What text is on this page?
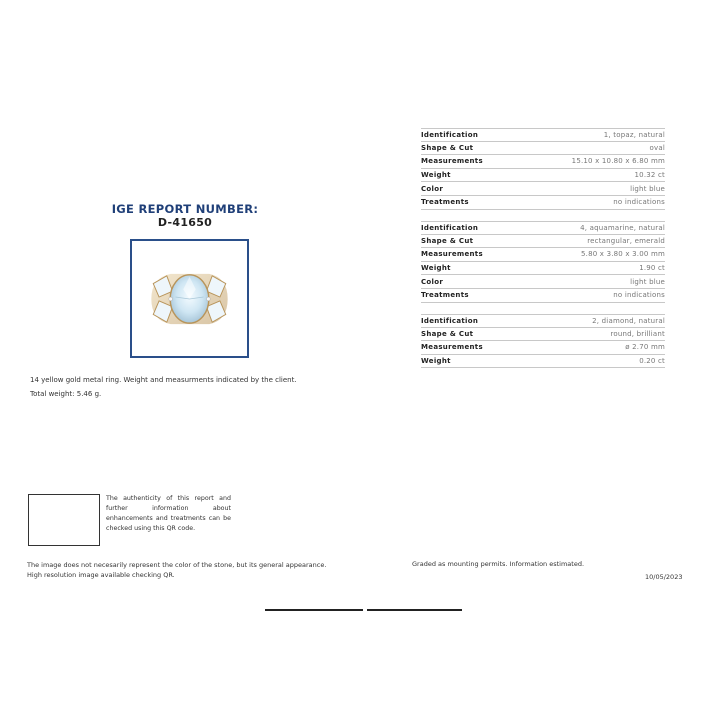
IGE REPORT NUMBER:
D-41650
14 yellow gold metal ring. Weight and measurments indicated by the client.
Total weight: 5.46 g.
Identification	1, topaz, natural
Shape & Cut	oval
Measurements	15.10 x 10.80 x 6.80 mm
Weight	10.32 ct
Color	light blue
Treatments	no indications
Identification	4, aquamarine, natural
Shape & Cut	rectangular, emerald
Measurements	5.80 x 3.80 x 3.00 mm
Weight	1.90 ct
Color	light blue
Treatments	no indications
Identification	2, diamond, natural
Shape & Cut	round, brilliant
Measurements	ø 2.70 mm
Weight	0.20 ct
The authenticity of this report and further information about enhancements and treatments can be checked using this QR code.
The image does not necesarily represent the color of the stone, but its general appearance.
High resolution image available checking QR.
Graded as mounting permits. Information estimated.
10/05/2023
